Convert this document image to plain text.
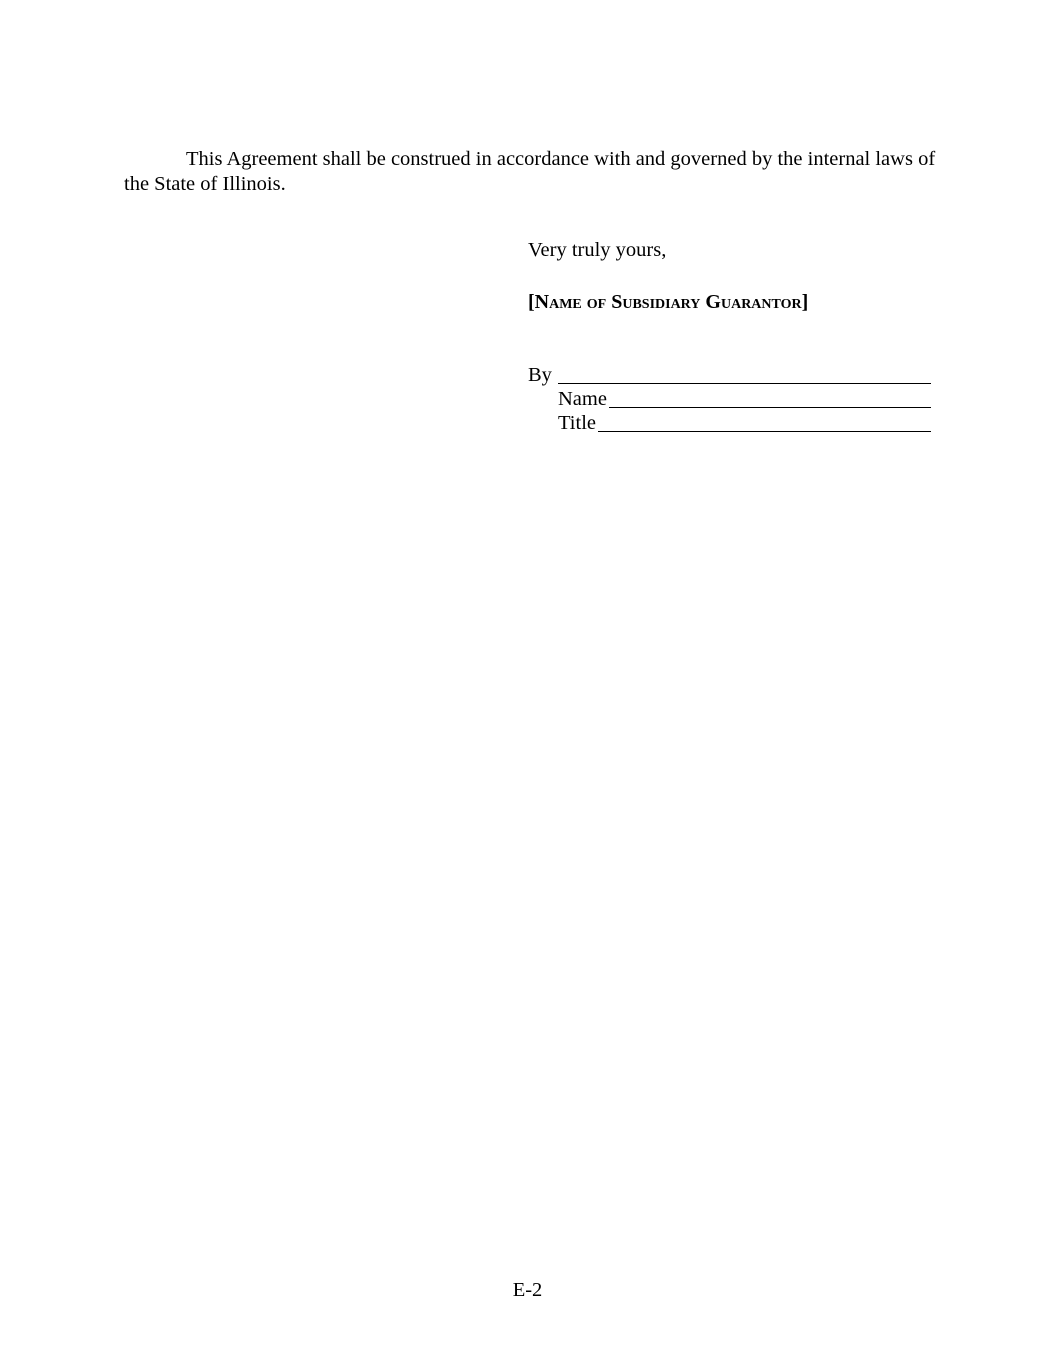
This Agreement shall be construed in accordance with and governed by the internal laws of
the State of Illinois.

Very truly yours,

[Name of Subsidiary Guarantor]

By
Name
Title
E-2
